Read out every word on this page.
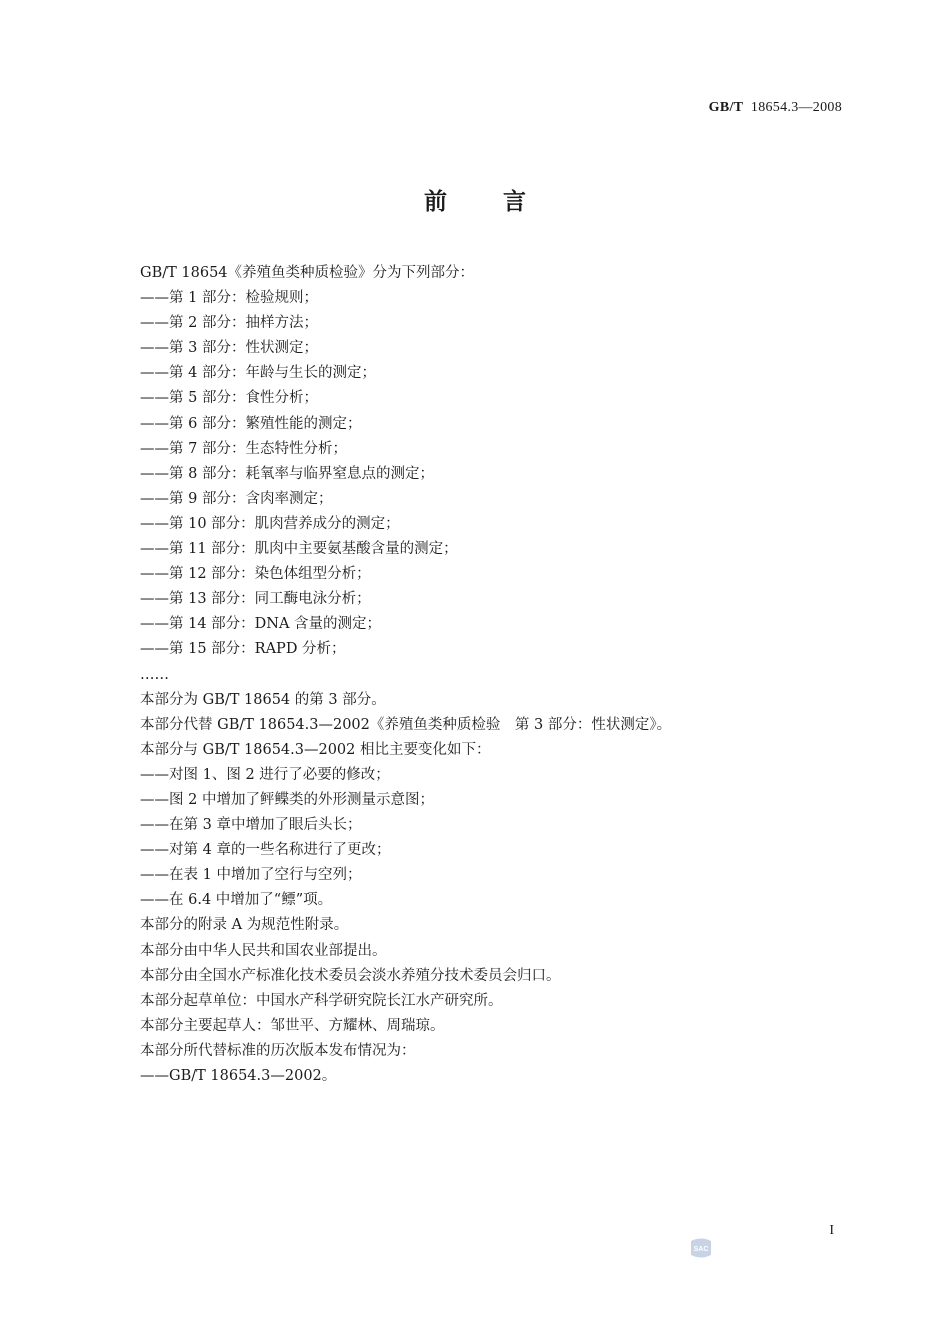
GB/T 18654.3—2008
前言
GB/T 18654《养殖鱼类种质检验》分为下列部分：
——第 1 部分：检验规则；
——第 2 部分：抽样方法；
——第 3 部分：性状测定；
——第 4 部分：年龄与生长的测定；
——第 5 部分：食性分析；
——第 6 部分：繁殖性能的测定；
——第 7 部分：生态特性分析；
——第 8 部分：耗氧率与临界窒息点的测定；
——第 9 部分：含肉率测定；
——第 10 部分：肌肉营养成分的测定；
——第 11 部分：肌肉中主要氨基酸含量的测定；
——第 12 部分：染色体组型分析；
——第 13 部分：同工酶电泳分析；
——第 14 部分：DNA 含量的测定；
——第 15 部分：RAPD 分析；
……
本部分为 GB/T 18654 的第 3 部分。
本部分代替 GB/T 18654.3—2002《养殖鱼类种质检验　第 3 部分：性状测定》。
本部分与 GB/T 18654.3—2002 相比主要变化如下：
——对图 1、图 2 进行了必要的修改；
——图 2 中增加了鲆鲽类的外形测量示意图；
——在第 3 章中增加了眼后头长；
——对第 4 章的一些名称进行了更改；
——在表 1 中增加了空行与空列；
——在 6.4 中增加了“鳔”项。
本部分的附录 A 为规范性附录。
本部分由中华人民共和国农业部提出。
本部分由全国水产标准化技术委员会淡水养殖分技术委员会归口。
本部分起草单位：中国水产科学研究院长江水产研究所。
本部分主要起草人：邹世平、方耀林、周瑞琼。
本部分所代替标准的历次版本发布情况为：
——GB/T 18654.3—2002。
I
SAC
